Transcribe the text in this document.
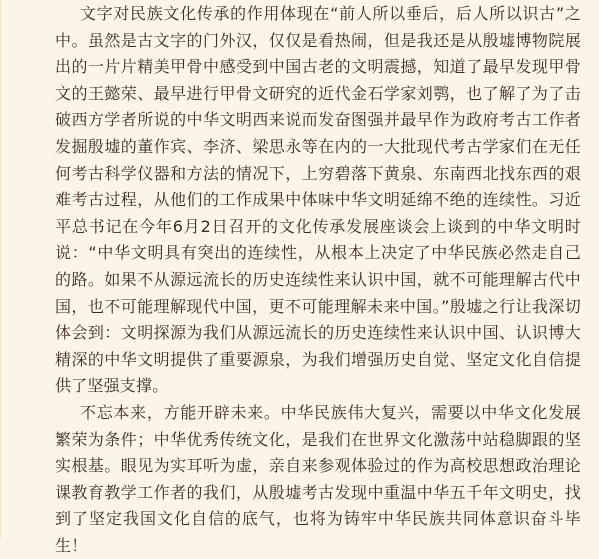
文字对民族文化传承的作用体现在“前人所以垂后，后人所以识古”之中。虽然是古文字的门外汉，仅仅是看热闹，但是我还是从殷墟博物院展出的一片片精美甲骨中感受到中国古老的文明震撼，知道了最早发现甲骨文的王懿荣、最早进行甲骨文研究的近代金石学家刘鹗，也了解了为了击破西方学者所说的中华文明西来说而发奋图强并最早作为政府考古工作者发掘殷墟的董作宾、李济、梁思永等在内的一大批现代考古学家们在无任何考古科学仪器和方法的情况下，上穷碧落下黄泉、东南西北找东西的艰难考古过程，从他们的工作成果中体味中华文明延绵不绝的连续性。习近平总书记在今年6月2日召开的文化传承发展座谈会上谈到的中华文明时说：“中华文明具有突出的连续性，从根本上决定了中华民族必然走自己的路。如果不从源远流长的历史连续性来认识中国，就不可能理解古代中国，也不可能理解现代中国，更不可能理解未来中国。”殷墟之行让我深切体会到：文明探源为我们从源远流长的历史连续性来认识中国、认识博大精深的中华文明提供了重要源泉，为我们增强历史自觉、坚定文化自信提供了坚强支撑。

不忘本来，方能开辟未来。中华民族伟大复兴，需要以中华文化发展繁荣为条件；中华优秀传统文化，是我们在世界文化激荡中站稳脚跟的坚实根基。眼见为实耳听为虚，亲自来参观体验过的作为高校思想政治理论课教育教学工作者的我们，从殷墟考古发现中重温中华五千年文明史，找到了坚定我国文化自信的底气，也将为铸牢中华民族共同体意识奋斗毕生！
